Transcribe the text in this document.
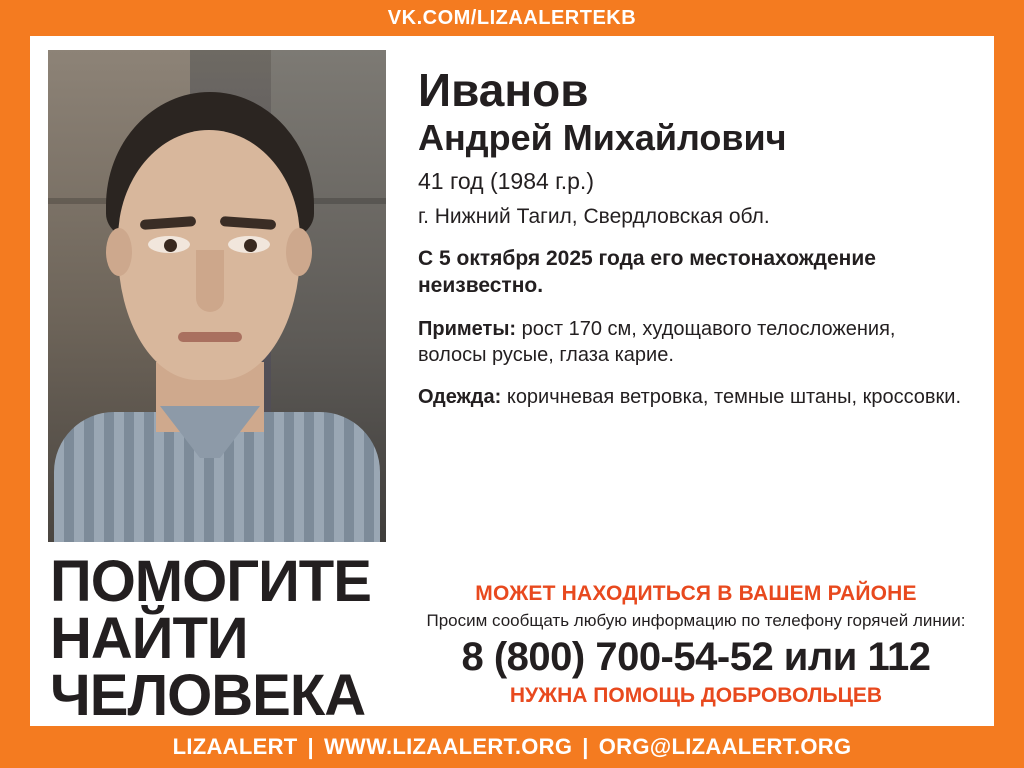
VK.COM/LIZAALERTEKB
ПОМОГИТЕ
НАЙТИ
ЧЕЛОВЕКА
Иванов
Андрей Михайлович
41 год (1984 г.р.)
г. Нижний Тагил, Свердловская обл.
С 5 октября 2025 года его местонахождение неизвестно.
Приметы: рост 170 см, худощавого телосложения, волосы русые, глаза карие.
Одежда: коричневая ветровка, темные штаны, кроссовки.
МОЖЕТ НАХОДИТЬСЯ В ВАШЕМ РАЙОНЕ
Просим сообщать любую информацию по телефону горячей линии:
8 (800) 700-54-52 или 112
НУЖНА ПОМОЩЬ ДОБРОВОЛЬЦЕВ
LIZAALERT | WWW.LIZAALERT.ORG | ORG@LIZAALERT.ORG
